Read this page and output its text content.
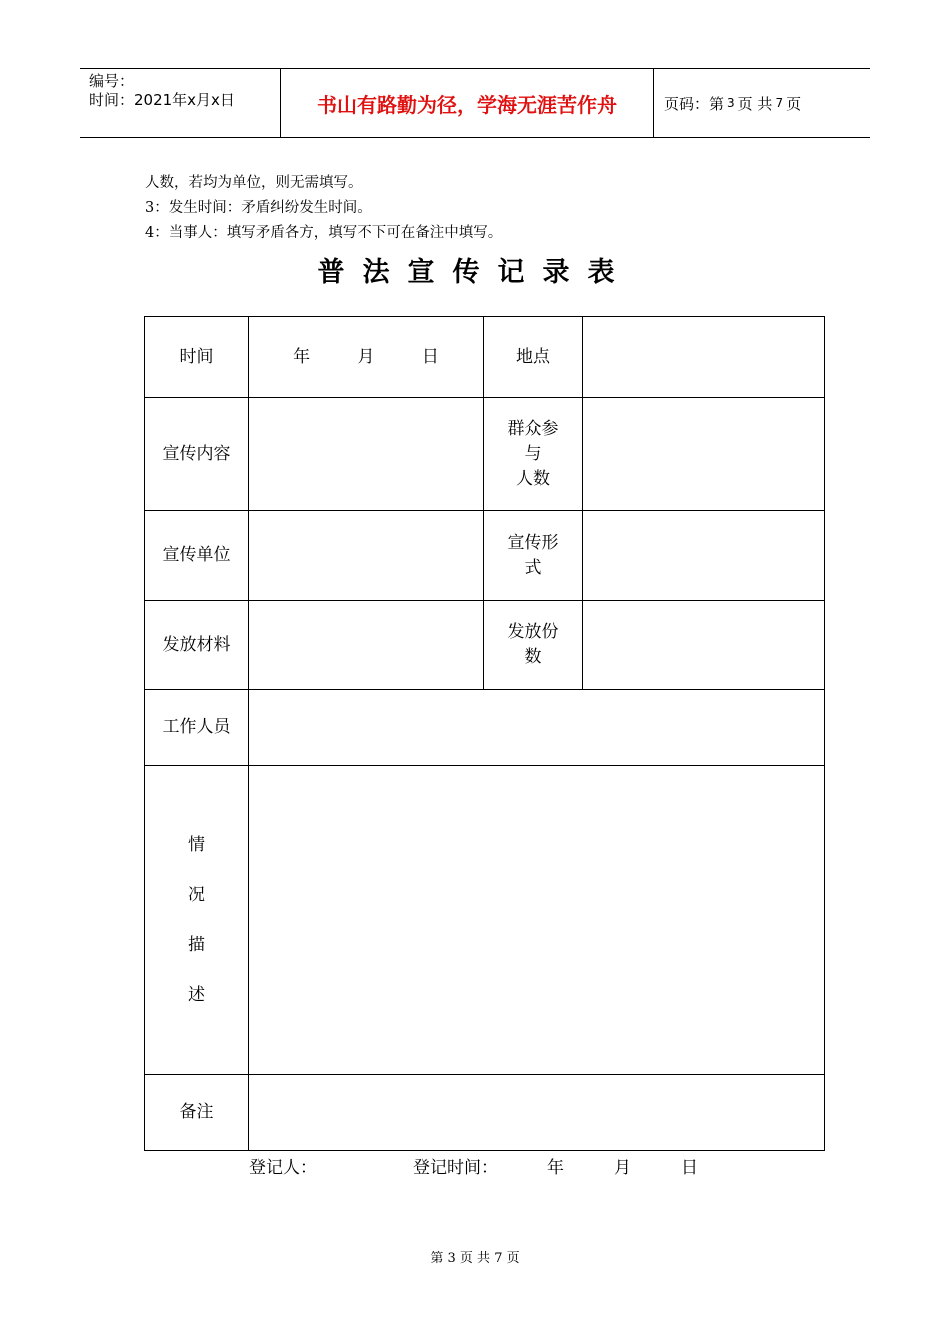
编号：
时间：2021年x月x日	书山有路勤为径，学海无涯苦作舟	页码：第 3 页 共 7 页
人数，若均为单位，则无需填写。
3：发生时间：矛盾纠纷发生时间。
4：当事人：填写矛盾各方，填写不下可在备注中填写。
普法宣传记录表
时间	年 月 日	地点	
宣传内容		群众参
与
人数	

宣传单位		宣传形
式	

发放材料		发放份
数	

工作人员			

情
况
描
述			

备注			
登记人：	登记时间：	年	月	日
第 3 页 共 7 页
